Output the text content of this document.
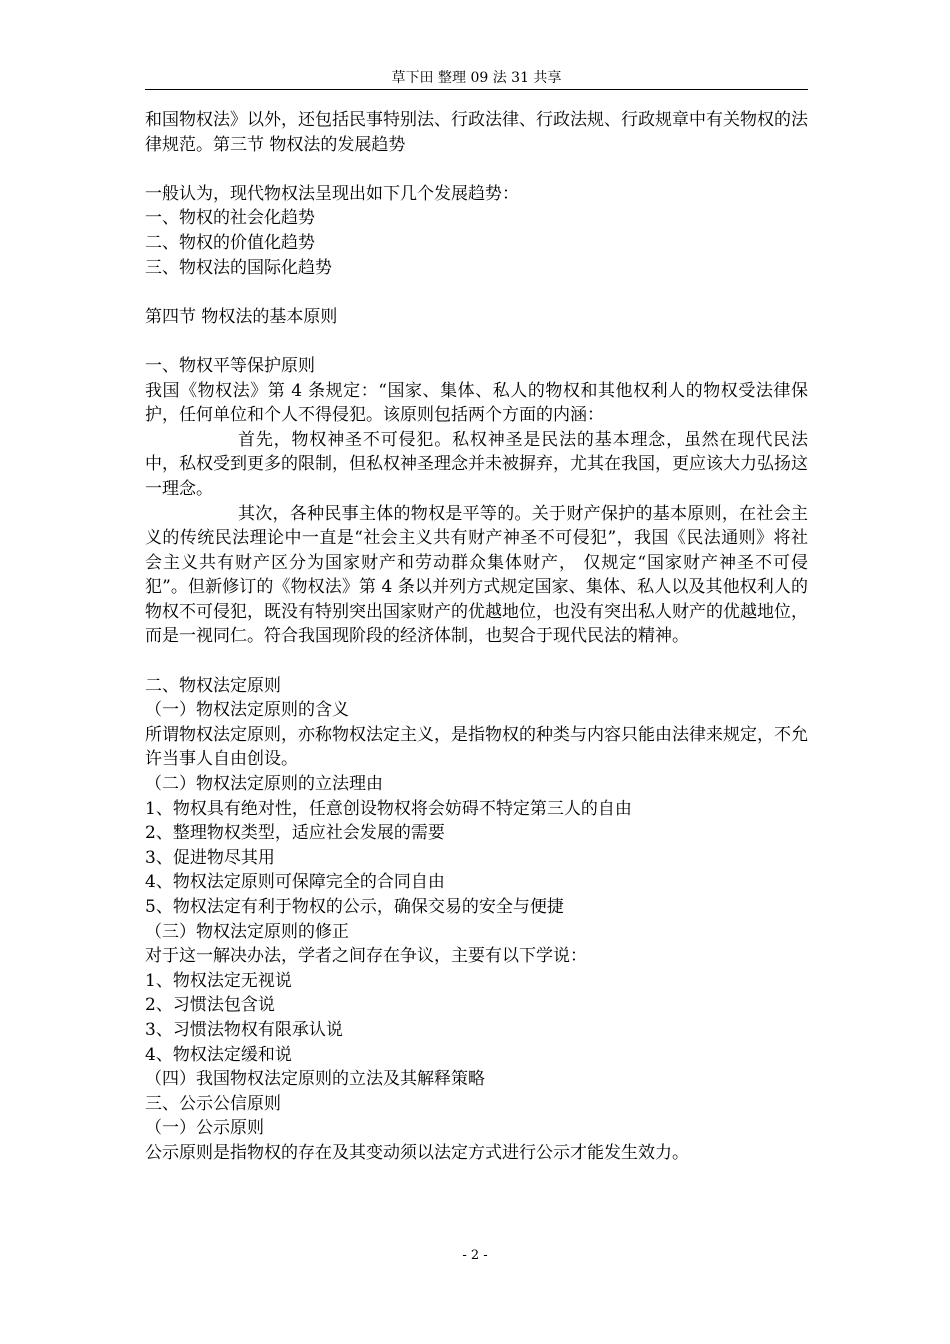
草下田 整理 09 法 31 共享

和国物权法》以外，还包括民事特别法、行政法律、行政法规、行政规章中有关物权的法律规范。第三节 物权法的发展趋势

一般认为，现代物权法呈现出如下几个发展趋势：

一、物权的社会化趋势

二、物权的价值化趋势

三、物权法的国际化趋势

第四节 物权法的基本原则

一、物权平等保护原则

我国《物权法》第 4 条规定：“国家、集体、私人的物权和其他权利人的物权受法律保护，任何单位和个人不得侵犯。该原则包括两个方面的内涵：

首先，物权神圣不可侵犯。私权神圣是民法的基本理念，虽然在现代民法中，私权受到更多的限制，但私权神圣理念并未被摒弃，尤其在我国，更应该大力弘扬这一理念。

其次，各种民事主体的物权是平等的。关于财产保护的基本原则，在社会主义的传统民法理论中一直是“社会主义共有财产神圣不可侵犯”，我国《民法通则》将社会主义共有财产区分为国家财产和劳动群众集体财产， 仅规定“国家财产神圣不可侵犯”。但新修订的《物权法》第 4 条以并列方式规定国家、集体、私人以及其他权利人的物权不可侵犯，既没有特别突出国家财产的优越地位，也没有突出私人财产的优越地位，而是一视同仁。符合我国现阶段的经济体制，也契合于现代民法的精神。

二、物权法定原则

（一）物权法定原则的含义

所谓物权法定原则，亦称物权法定主义，是指物权的种类与内容只能由法律来规定，不允许当事人自由创设。

（二）物权法定原则的立法理由

1、物权具有绝对性，任意创设物权将会妨碍不特定第三人的自由

2、整理物权类型，适应社会发展的需要

3、促进物尽其用

4、物权法定原则可保障完全的合同自由

5、物权法定有利于物权的公示，确保交易的安全与便捷

（三）物权法定原则的修正

对于这一解决办法，学者之间存在争议，主要有以下学说：

1、物权法定无视说

2、习惯法包含说

3、习惯法物权有限承认说

4、物权法定缓和说

（四）我国物权法定原则的立法及其解释策略

三、公示公信原则

（一）公示原则

公示原则是指物权的存在及其变动须以法定方式进行公示才能发生效力。

- 2 -
